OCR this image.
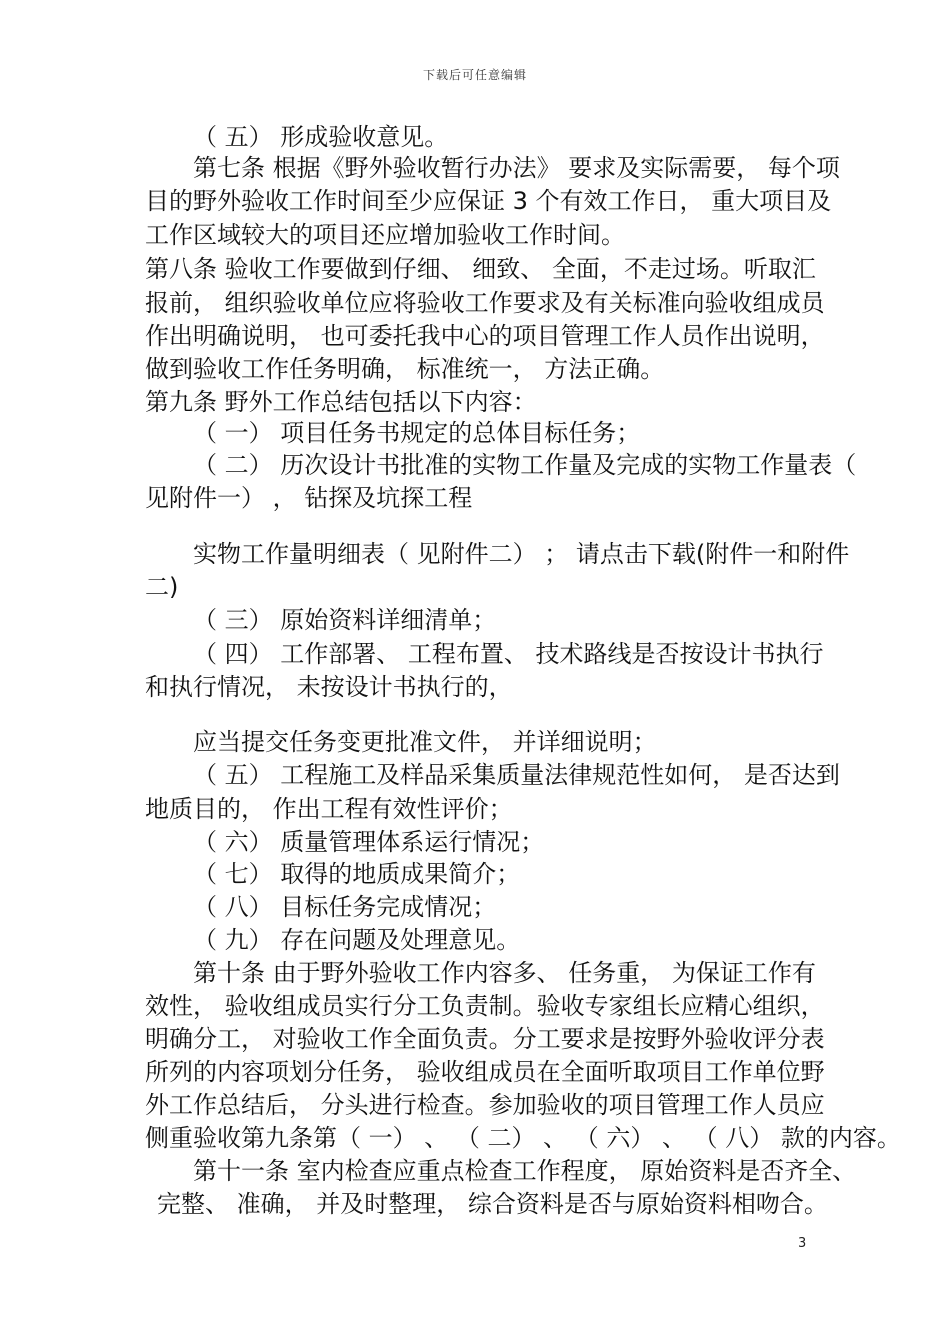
下载后可任意编辑
（ 五） 形成验收意见。
第七条 根据《野外验收暂行办法》 要求及实际需要， 每个项
目的野外验收工作时间至少应保证 3 个有效工作日， 重大项目及
工作区域较大的项目还应增加验收工作时间。
第八条 验收工作要做到仔细、 细致、 全面，不走过场。听取汇
报前， 组织验收单位应将验收工作要求及有关标准向验收组成员
作出明确说明， 也可委托我中心的项目管理工作人员作出说明，
做到验收工作任务明确， 标准统一， 方法正确。
第九条 野外工作总结包括以下内容：
（ 一） 项目任务书规定的总体目标任务；
（ 二） 历次设计书批准的实物工作量及完成的实物工作量表（
见附件一） ， 钻探及坑探工程
实物工作量明细表（ 见附件二） ； 请点击下载(附件一和附件
二)
（ 三） 原始资料详细清单；
（ 四） 工作部署、 工程布置、 技术路线是否按设计书执行
和执行情况， 未按设计书执行的，
应当提交任务变更批准文件， 并详细说明；
（ 五） 工程施工及样品采集质量法律规范性如何， 是否达到
地质目的， 作出工程有效性评价；
（ 六） 质量管理体系运行情况；
（ 七） 取得的地质成果简介；
（ 八） 目标任务完成情况；
（ 九） 存在问题及处理意见。
第十条 由于野外验收工作内容多、 任务重， 为保证工作有
效性， 验收组成员实行分工负责制。验收专家组长应精心组织，
明确分工， 对验收工作全面负责。分工要求是按野外验收评分表
所列的内容项划分任务， 验收组成员在全面听取项目工作单位野
外工作总结后， 分头进行检查。参加验收的项目管理工作人员应
侧重验收第九条第（ 一） 、 （ 二） 、 （ 六） 、 （ 八） 款的内容。
第十一条 室内检查应重点检查工作程度， 原始资料是否齐全、
完整、 准确， 并及时整理， 综合资料是否与原始资料相吻合。
3
